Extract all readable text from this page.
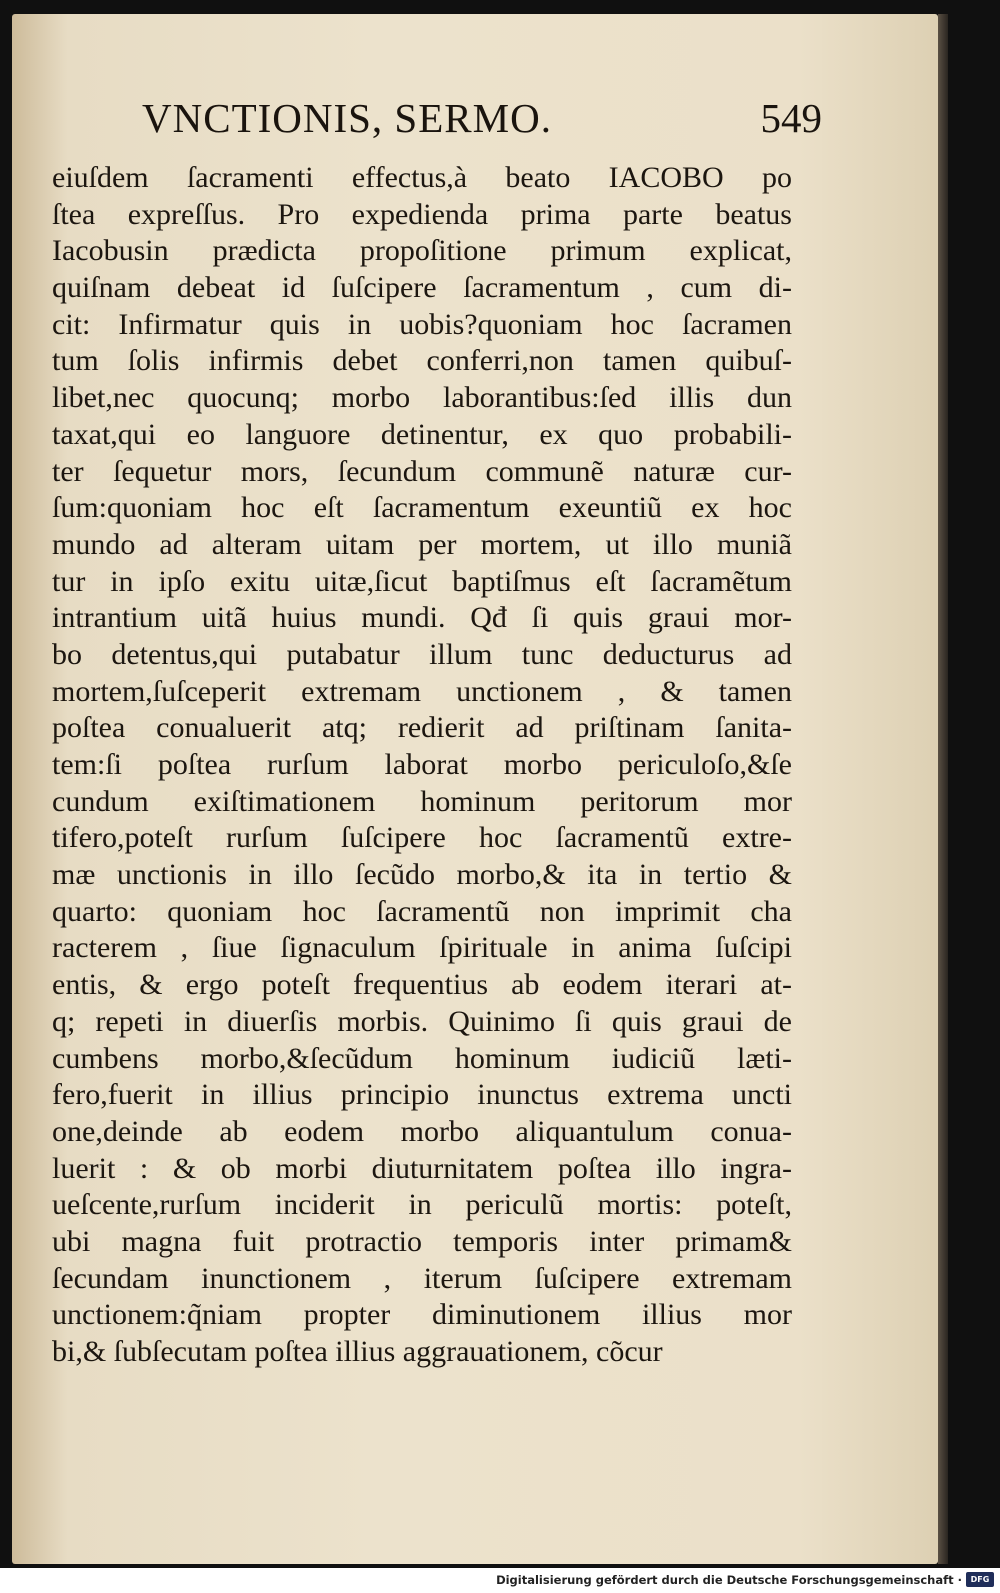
VNCTIONIS, SERMO.	549
eiuſdem ſacramenti effectus,à beato IACOBO po
ſtea expreſſus. Pro expedienda prima parte beatus
Iacobusin prædicta propoſitione primum explicat,
quiſnam debeat id ſuſcipere ſacramentum , cum di-
cit: Infirmatur quis in uobis?quoniam hoc ſacramen
tum ſolis infirmis debet conferri,non tamen quibuſ-
libet,nec quocunq; morbo laborantibus:ſed illis dun
taxat,qui eo languore detinentur, ex quo probabili-
ter ſequetur mors, ſecundum communẽ naturæ cur-
ſum:quoniam hoc eſt ſacramentum exeuntiũ ex hoc
mundo ad alteram uitam per mortem, ut illo muniã
tur in ipſo exitu uitæ,ſicut baptiſmus eſt ſacramẽtum
intrantium uitã huius mundi. Qđ ſi quis graui mor-
bo detentus,qui putabatur illum tunc deducturus ad
mortem,ſuſceperit extremam unctionem , & tamen
poſtea conualuerit atq; redierit ad priſtinam ſanita-
tem:ſi poſtea rurſum laborat morbo periculoſo,&ſe
cundum exiſtimationem hominum peritorum mor
tifero,poteſt rurſum ſuſcipere hoc ſacramentũ extre-
mæ unctionis in illo ſecũdo morbo,& ita in tertio &
quarto: quoniam hoc ſacramentũ non imprimit cha
racterem , ſiue ſignaculum ſpirituale in anima ſuſcipi
entis, & ergo poteſt frequentius ab eodem iterari at-
q; repeti in diuerſis morbis. Quinimo ſi quis graui de
cumbens morbo,&ſecũdum hominum iudiciũ læti-
fero,fuerit in illius principio inunctus extrema uncti
one,deinde ab eodem morbo aliquantulum conua-
luerit : & ob morbi diuturnitatem poſtea illo ingra-
ueſcente,rurſum inciderit in periculũ mortis: poteſt,
ubi magna fuit protractio temporis inter primam&
ſecundam inunctionem , iterum ſuſcipere extremam
unctionem:q̃niam propter diminutionem illius mor
bi,& ſubſecutam poſtea illius aggrauationem, cõcur
Digitalisierung gefördert durch die Deutsche Forschungsgemeinschaft ·	DFG
